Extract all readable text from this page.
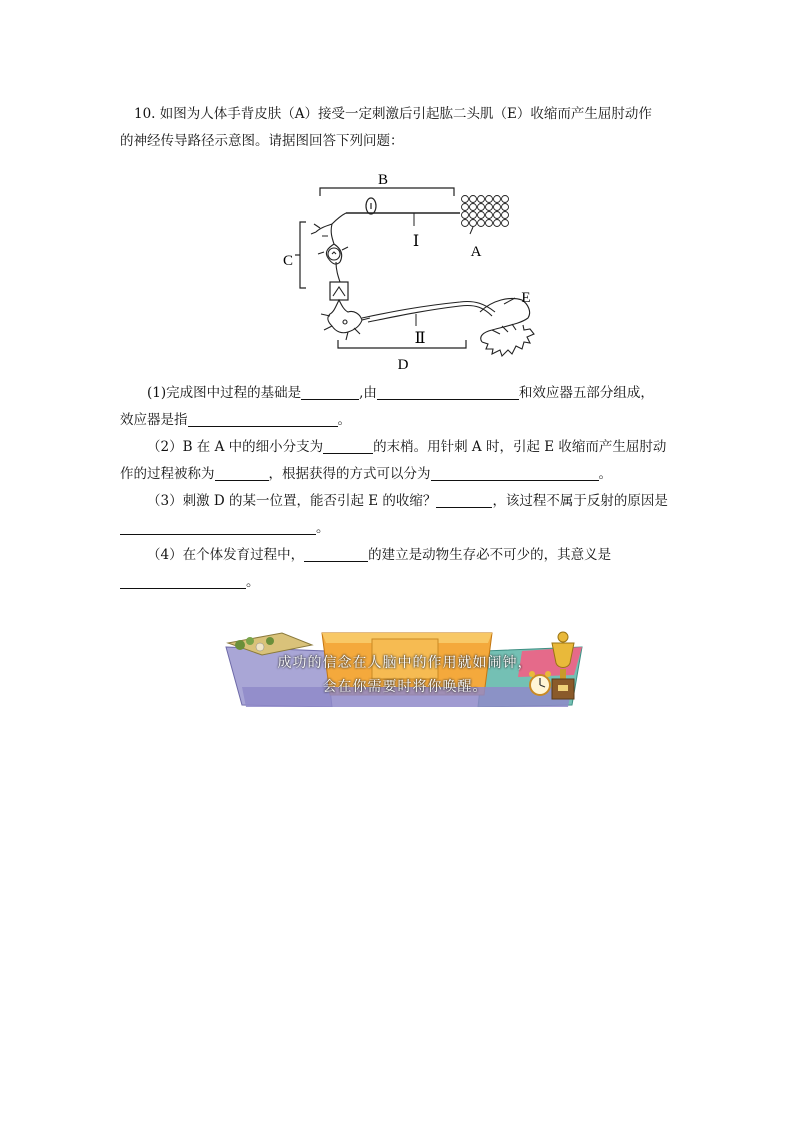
10. 如图为人体手背皮肤（A）接受一定刺激后引起肱二头肌（E）收缩而产生屈肘动作
的神经传导路径示意图。请据图回答下列问题：
B
Ⅰ
A
C
E
Ⅱ
D
(1)完成图中过程的基础是	,由	和效应器五部分组成，
效应器是指	。
（2）B 在 A 中的细小分支为	的末梢。用针刺 A 时，引起 E 收缩而产生屈肘动
作的过程被称为	，根据获得的方式可以分为	。
（3）刺激 D 的某一位置，能否引起 E 的收缩？	，该过程不属于反射的原因是
。
（4）在个体发育过程中，	的建立是动物生存必不可少的，其意义是
。
成功的信念在人脑中的作用就如闹钟，
会在你需要时将你唤醒。
